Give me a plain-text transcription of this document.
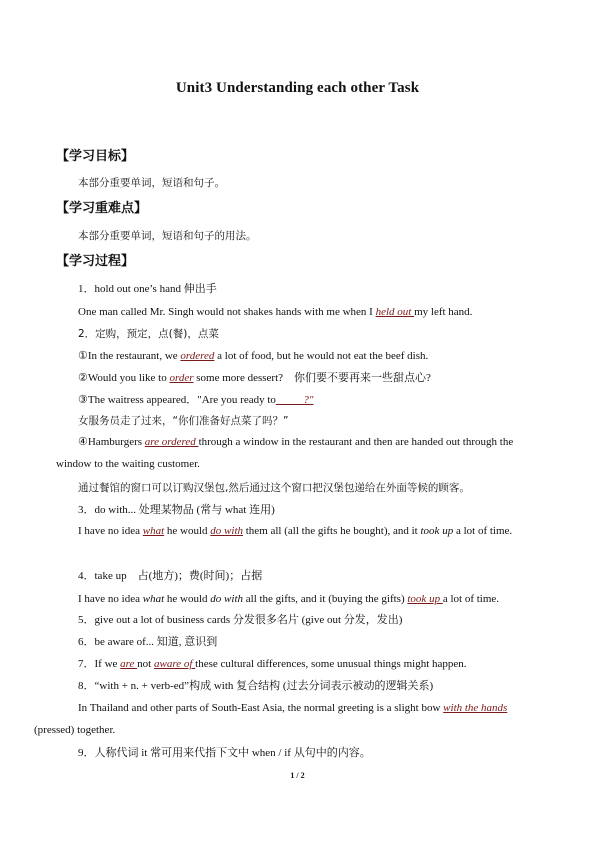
Unit3 Understanding each other Task
【学习目标】
本部分重要单词，短语和句子。
【学习重难点】
本部分重要单词，短语和句子的用法。
【学习过程】
1．hold out one’s hand 伸出手
One man called Mr. Singh would not shakes hands with me when I held out my left hand.
2．定购，预定，点(餐)，点菜
①In the restaurant, we ordered a lot of food, but he would not eat the beef dish.
②Would you like to order some more dessert?　你们要不要再来一些甜点心?
③The waitress appeared．"Are you ready to_____?"
女服务员走了过来，“你们准备好点菜了吗？”
④Hamburgers are ordered through a window in the restaurant and then are handed out through the window to the waiting customer.
通过餐馆的窗口可以订购汉堡包,然后通过这个窗口把汉堡包递给在外面等候的顾客。
3．do with... 处理某物品 (常与 what 连用)
I have no idea what he would do with them all (all the gifts he bought), and it took up a lot of time.
4．take up　占(地方)；费(时间)；占据
I have no idea what he would do with all the gifts, and it (buying the gifts) took up a lot of time.
5．give out a lot of business cards 分发很多名片 (give out 分发，发出)
6．be aware of... 知道, 意识到
7．If we are not aware of these cultural differences, some unusual things might happen.
8．“with + n. + verb-ed”构成 with 复合结构 (过去分词表示被动的逻辑关系)
In Thailand and other parts of South-East Asia, the normal greeting is a slight bow with the hands
(pressed) together.
9．人称代词 it 常可用来代指下文中 when / if 从句中的内容。
1 / 2
